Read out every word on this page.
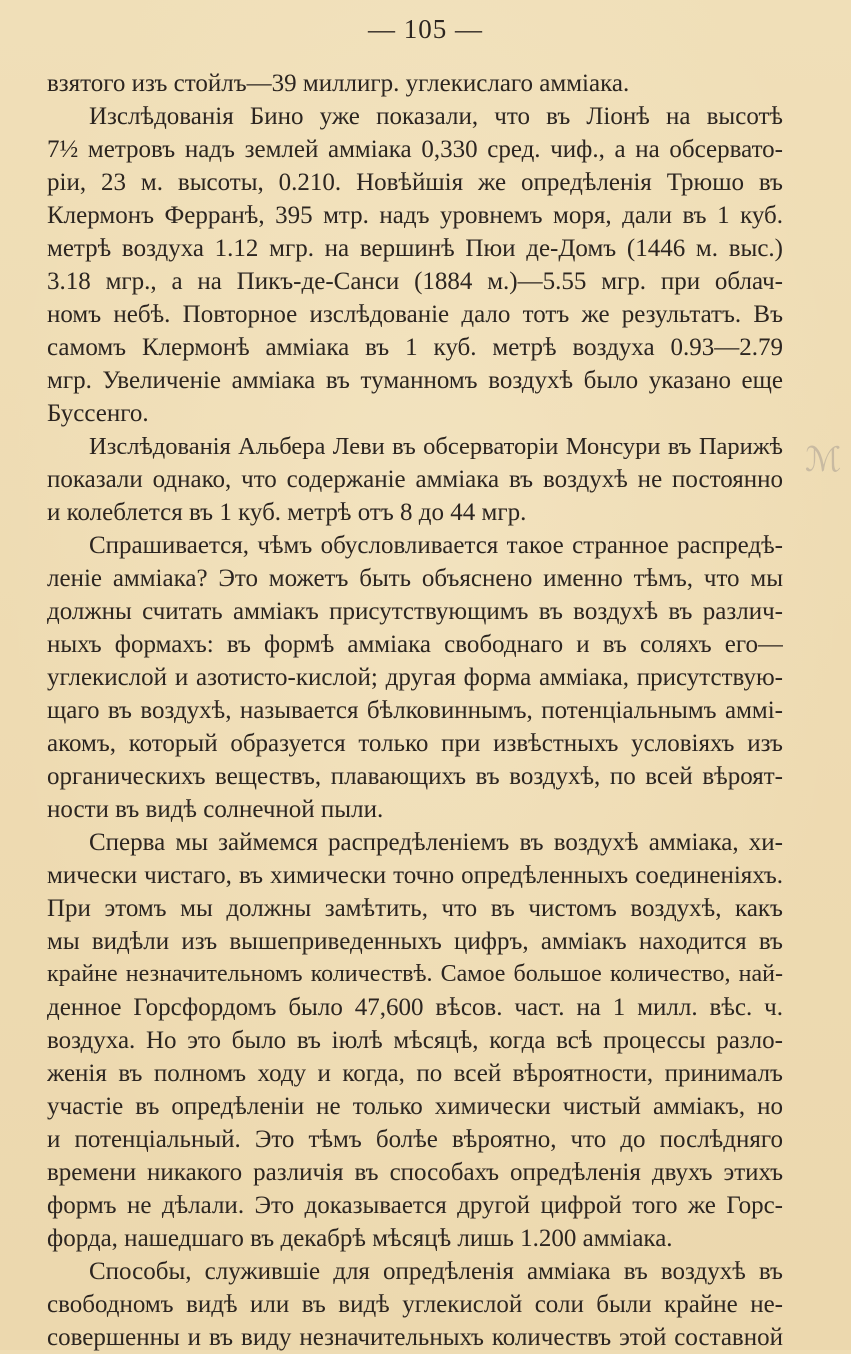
— 105 —
взятого изъ стойлъ—39 миллигр. углекислаго амміака.
Изслѣдованія Бино уже показали, что въ Ліонѣ на высотѣ
7½ метровъ надъ землей амміака 0,330 сред. чиф., а на обсервато-
ріи, 23 м. высоты, 0.210. Новѣйшія же опредѣленія Трюшо въ
Клермонъ Ферранѣ, 395 мтр. надъ уровнемъ моря, дали въ 1 куб.
метрѣ воздуха 1.12 мгр. на вершинѣ Пюи де-Домъ (1446 м. выс.)
3.18 мгр., а на Пикъ-де-Санси (1884 м.)—5.55 мгр. при облач-
номъ небѣ. Повторное изслѣдованіе дало тотъ же результатъ. Въ
самомъ Клермонѣ амміака въ 1 куб. метрѣ воздуха 0.93—2.79
мгр. Увеличеніе амміака въ туманномъ воздухѣ было указано еще
Буссенго.
Изслѣдованія Альбера Леви въ обсерваторіи Монсури въ Парижѣ
показали однако, что содержаніе амміака въ воздухѣ не постоянно
и колеблется въ 1 куб. метрѣ отъ 8 до 44 мгр.
Спрашивается, чѣмъ обусловливается такое странное распредѣ-
леніе амміака? Это можетъ быть объяснено именно тѣмъ, что мы
должны считать амміакъ присутствующимъ въ воздухѣ въ различ-
ныхъ формахъ: въ формѣ амміака свободнаго и въ соляхъ его—
углекислой и азотисто-кислой; другая форма амміака, присутствую-
щаго въ воздухѣ, называется бѣлковиннымъ, потенціальнымъ аммі-
акомъ, который образуется только при извѣстныхъ условіяхъ изъ
органическихъ веществъ, плавающихъ въ воздухѣ, по всей вѣроят-
ности въ видѣ солнечной пыли.
Сперва мы займемся распредѣленіемъ въ воздухѣ амміака, хи-
мически чистаго, въ химически точно опредѣленныхъ соединеніяхъ.
При этомъ мы должны замѣтить, что въ чистомъ воздухѣ, какъ
мы видѣли изъ вышеприведенныхъ цифръ, амміакъ находится въ
крайне незначительномъ количествѣ. Самое большое количество, най-
денное Горсфордомъ было 47,600 вѣсов. част. на 1 милл. вѣс. ч.
воздуха. Но это было въ іюлѣ мѣсяцѣ, когда всѣ процессы разло-
женія въ полномъ ходу и когда, по всей вѣроятности, принималъ
участіе въ опредѣленіи не только химически чистый амміакъ, но
и потенціальный. Это тѣмъ болѣе вѣроятно, что до послѣдняго
времени никакого различія въ способахъ опредѣленія двухъ этихъ
формъ не дѣлали. Это доказывается другой цифрой того же Горс-
форда, нашедшаго въ декабрѣ мѣсяцѣ лишь 1.200 амміака.
Способы, служившіе для опредѣленія амміака въ воздухѣ въ
свободномъ видѣ или въ видѣ углекислой соли были крайне не-
совершенны и въ виду незначительныхъ количествъ этой составной
ℳ
